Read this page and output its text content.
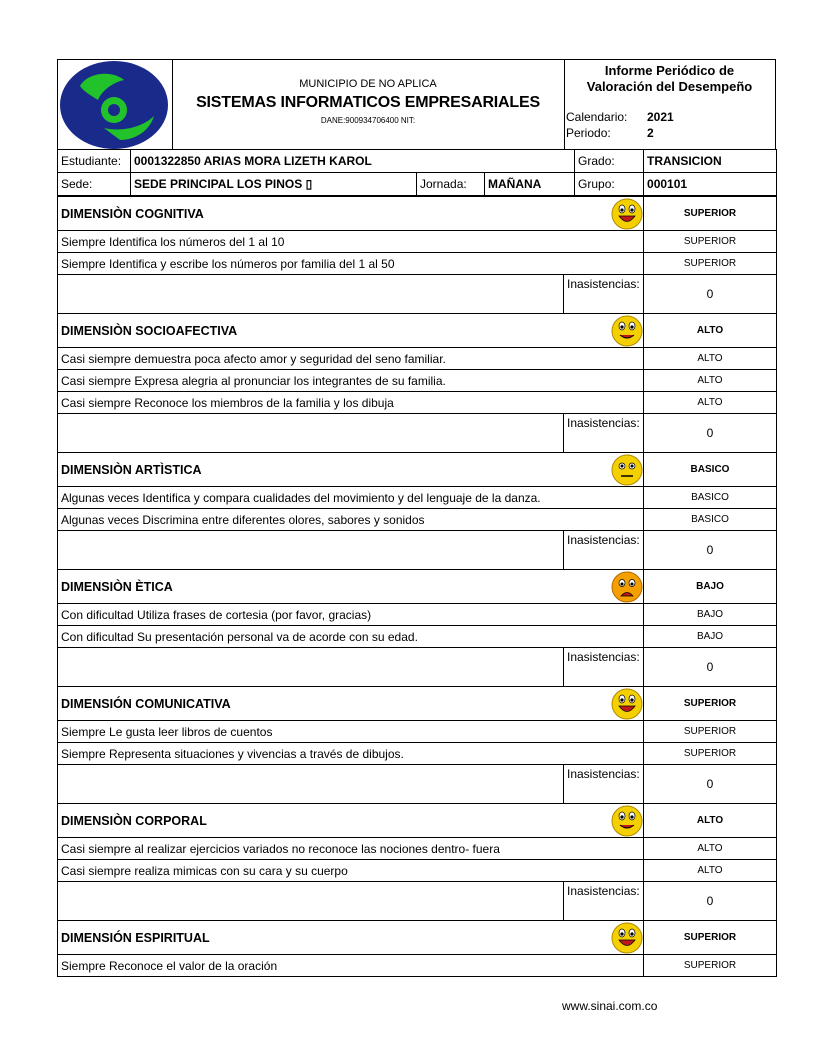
MUNICIPIO DE NO APLICA
SISTEMAS INFORMATICOS EMPRESARIALES
DANE:900934706400 NIT:
Informe Periódico de Valoración del Desempeño
Calendario: 2021
Periodo:	2
Estudiante:	0001322850 ARIAS MORA LIZETH KAROL			Grado:	TRANSICION
Sede:	SEDE PRINCIPAL LOS PINOS ▯	Jornada:	MAÑANA	Grupo:	000101
DIMENSIÒN COGNITIVA		SUPERIOR
Siempre Identifica los números del 1 al 10		SUPERIOR
Siempre Identifica y escribe los números por familia del 1 al 50		SUPERIOR
	Inasistencias:	0
DIMENSIÒN SOCIOAFECTIVA		ALTO
Casi siempre demuestra poca afecto amor y seguridad del seno familiar.		ALTO
Casi siempre Expresa alegria al pronunciar los integrantes de su familia.		ALTO
Casi siempre Reconoce los miembros de la familia y los dibuja		ALTO
	Inasistencias:	0
DIMENSIÒN ARTÌSTICA		BASICO
Algunas veces Identifica y compara cualidades del movimiento y del lenguaje de la danza.		BASICO
Algunas veces Discrimina entre diferentes olores, sabores y sonidos		BASICO
	Inasistencias:	0
DIMENSIÒN ÈTICA		BAJO
Con dificultad Utiliza frases de cortesia (por favor, gracias)		BAJO
Con dificultad Su presentación personal va de acorde con su edad.		BAJO
	Inasistencias:	0
DIMENSIÓN COMUNICATIVA		SUPERIOR
Siempre Le gusta leer libros de cuentos		SUPERIOR
Siempre Representa situaciones y vivencias a través de dibujos.		SUPERIOR
	Inasistencias:	0
DIMENSIÒN CORPORAL		ALTO
Casi siempre al realizar ejercicios variados no reconoce las nociones dentro- fuera		ALTO
Casi siempre realiza mimicas con su cara y su cuerpo		ALTO
	Inasistencias:	0
DIMENSIÓN ESPIRITUAL		SUPERIOR
Siempre Reconoce el valor de la oración		SUPERIOR
www.sinai.com.co
